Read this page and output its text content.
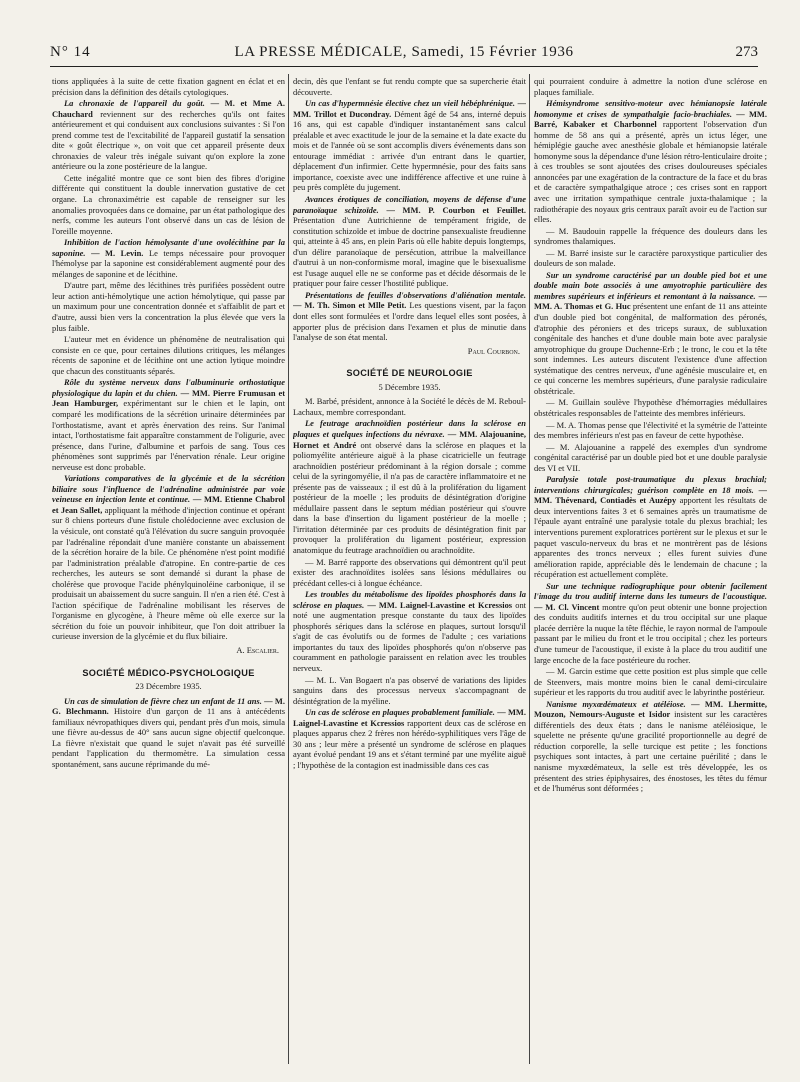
N° 14	LA PRESSE MÉDICALE, Samedi, 15 Février 1936	273

tions appliquées à la suite de cette fixation gagnent en éclat et en précision dans la définition des détails cytologiques.

La chronaxie de l'appareil du goût. — M. et Mme A. Chauchard reviennent sur des recherches qu'ils ont faites antérieurement et qui conduisent aux conclusions suivantes : Si l'on prend comme test de l'excitabilité de l'appareil gustatif la sensation dite « goût électrique », on voit que cet appareil présente deux chronaxies de valeur très inégale suivant qu'on explore la zone antérieure ou la zone postérieure de la langue.

Cette inégalité montre que ce sont bien des fibres d'origine différente qui constituent la double innervation gustative de cet organe. La chronaximétrie est capable de renseigner sur les anomalies provoquées dans ce domaine, par un état pathologique des nerfs, comme les auteurs l'ont observé dans un cas de lésion de l'oreille moyenne.

Inhibition de l'action hémolysante d'une ovolécithine par la saponine. — M. Levin. Le temps nécessaire pour provoquer l'hémolyse par la saponine est considérablement augmenté pour des mélanges de saponine et de lécithine.

D'autre part, même des lécithines très purifiées possèdent outre leur action anti-hémolytique une action hémolytique, qui passe par un maximum pour une concentration donnée et s'affaiblit de part et d'autre, aussi bien vers la concentration la plus élevée que vers la plus faible.

L'auteur met en évidence un phénomène de neutralisation qui consiste en ce que, pour certaines dilutions critiques, les mélanges récents de saponine et de lécithine ont une action lytique moindre que chacun des constituants séparés.

Rôle du système nerveux dans l'albuminurie orthostatique physiologique du lapin et du chien. — MM. Pierre Frumusan et Jean Hamburger, expérimentant sur le chien et le lapin, ont comparé les modifications de la sécrétion urinaire déterminées par l'orthostatisme, avant et après énervation des reins. Sur l'animal intact, l'orthostatisme fait apparaître constamment de l'oligurie, avec présence, dans l'urine, d'albumine et parfois de sang. Tous ces phénomènes sont supprimés par l'énervation rénale. Leur origine nerveuse est donc probable.

Variations comparatives de la glycémie et de la sécrétion biliaire sous l'influence de l'adrénaline administrée par voie veineuse en injection lente et continue. — MM. Etienne Chabrol et Jean Sallet, appliquant la méthode d'injection continue et opérant sur 8 chiens porteurs d'une fistule cholédocienne avec exclusion de la vésicule, ont constaté qu'à l'élévation du sucre sanguin provoquée par l'adrénaline répondait d'une manière constante un abaissement de la sécrétion horaire de la bile. Ce phénomène n'est point modifié par l'administration préalable d'atropine. En contre-partie de ces recherches, les auteurs se sont demandé si durant la phase de cholérèse que provoque l'acide phénylquinoléine carbonique, il se produisait un abaissement du sucre sanguin. Il n'en a rien été. C'est à l'action spécifique de l'adrénaline mobilisant les réserves de l'organisme en glycogène, à l'heure même où elle exerce sur la sécrétion du foie un pouvoir inhibiteur, que l'on doit attribuer la curieuse inversion de la glycémie et du flux biliaire.

A. Escalier.
SOCIÉTÉ MÉDICO-PSYCHOLOGIQUE
23 Décembre 1935.

Un cas de simulation de fièvre chez un enfant de 11 ans. — M. G. Blechmann. Histoire d'un garçon de 11 ans à antécédents familiaux névropathiques divers qui, pendant près d'un mois, simula une fièvre au-dessus de 40° sans aucun signe objectif quelconque. La fièvre n'existait que quand le sujet n'avait pas été surveillé pendant l'application du thermomètre. La simulation cessa spontanément, sans aucune réprimande du mé-

decin, dès que l'enfant se fut rendu compte que sa supercherie était découverte.

Un cas d'hypermnésie élective chez un vieil hébéphrénique. — MM. Trillot et Ducondray. Dément âgé de 54 ans, interné depuis 16 ans, qui est capable d'indiquer instantanément sans calcul préalable et avec exactitude le jour de la semaine et la date exacte du mois et de l'année où se sont accomplis divers événements dans son entourage immédiat : arrivée d'un entrant dans le quartier, déplacement d'un infirmier. Cette hypermnésie, pour des faits sans importance, coexiste avec une indifférence affective et une ruine à peu près complète du jugement.

Avances érotiques de conciliation, moyens de défense d'une paranoïaque schizoïde. — MM. P. Courbon et Feuillet. Présentation d'une Autrichienne de tempérament frigide, de constitution schizoïde et imbue de doctrine pansexualiste freudienne qui, atteinte à 45 ans, en plein Paris où elle habite depuis longtemps, d'un délire paranoïaque de persécution, attribue la malveillance d'autrui à un non-conformisme moral, imagine que le bisexualisme est l'usage auquel elle ne se conforme pas et décide désormais de le pratiquer pour faire cesser l'hostilité publique.

Présentations de feuilles d'observations d'aliénation mentale. — M. Th. Simon et Mlle Petit. Les questions visent, par la façon dont elles sont formulées et l'ordre dans lequel elles sont posées, à apporter plus de précision dans l'examen et plus de minutie dans l'analyse de son état mental.

Paul Courbon.
SOCIÉTÉ DE NEUROLOGIE
5 Décembre 1935.

M. Barbé, président, annonce à la Société le décès de M. Reboul-Lachaux, membre correspondant.

Le feutrage arachnoïdien postérieur dans la sclérose en plaques et quelques infections du névraxe. — MM. Alajouanine, Hornet et André ont observé dans la sclérose en plaques et la poliomyélite antérieure aiguë à la phase cicatricielle un feutrage arachnoïdien postérieur prédominant à la région dorsale ; comme celui de la syringomyélie, il n'a pas de caractère inflammatoire et ne présente pas de vaisseaux ; il est dû à la prolifération du ligament postérieur de la moelle ; les produits de désintégration d'origine médullaire passent dans le septum médian postérieur qui s'ouvre dans la base d'insertion du ligament postérieur de la moelle ; l'irritation déterminée par ces produits de désintégration finit par provoquer la prolifération du ligament postérieur, expression anatomique du feutrage arachnoïdien ou arachnoïdite.

— M. Barré rapporte des observations qui démontrent qu'il peut exister des arachnoïdites isolées sans lésions médullaires ou précédant celles-ci à longue échéance.

Les troubles du métabolisme des lipoïdes phosphorés dans la sclérose en plaques. — MM. Laignel-Lavastine et Kcressios ont noté une augmentation presque constante du taux des lipoïdes phosphorés sériques dans la sclérose en plaques, surtout lorsqu'il s'agit de cas évolutifs ou de formes de l'adulte ; ces variations importantes du taux des lipoïdes phosphorés qu'on n'observe pas couramment en pathologie paraissent en relation avec les troubles nerveux.

— M. L. Van Bogaert n'a pas observé de variations des lipides sanguins dans des processus nerveux s'accompagnant de désintégration de la myéline.

Un cas de sclérose en plaques probablement familiale. — MM. Laignel-Lavastine et Kcressios rapportent deux cas de sclérose en plaques apparus chez 2 frères non hérédo-syphilitiques vers l'âge de 30 ans ; leur mère a présenté un syndrome de sclérose en plaques ayant évolué pendant 19 ans et s'étant terminé par une myélite aiguë ; l'hypothèse de la contagion est inadmissible dans ces cas

qui pourraient conduire à admettre la notion d'une sclérose en plaques familiale.

Hémisyndrome sensitivo-moteur avec hémianopsie latérale homonyme et crises de sympathalgie facio-brachiales. — MM. Barré, Kabaker et Charbonnel rapportent l'observation d'un homme de 58 ans qui a présenté, après un ictus léger, une hémiplégie gauche avec anesthésie globale et hémianopsie latérale homonyme sous la dépendance d'une lésion rétro-lenticulaire droite ; à ces troubles se sont ajoutées des crises douloureuses spéciales annoncées par une exagération de la contracture de la face et du bras et de caractère sympathalgique atroce ; ces crises sont en rapport avec une irritation sympathique centrale juxta-thalamique ; la radiothérapie des noyaux gris centraux paraît avoir eu de l'action sur elles.

— M. Baudouin rappelle la fréquence des douleurs dans les syndromes thalamiques.

— M. Barré insiste sur le caractère paroxystique particulier des douleurs de son malade.

Sur un syndrome caractérisé par un double pied bot et une double main bote associés à une amyotrophie particulière des membres supérieurs et inférieurs et remontant à la naissance. — MM. A. Thomas et G. Huc présentent une enfant de 11 ans atteinte d'un double pied bot congénital, de malformation des péronés, d'atrophie des péroniers et des triceps suraux, de subluxation congénitale des hanches et d'une double main bote avec paralysie amyotrophique du groupe Duchenne-Erb ; le tronc, le cou et la tête sont indemnes. Les auteurs discutent l'existence d'une affection systématique des centres nerveux, d'une agénésie musculaire et, en ce qui concerne les membres supérieurs, d'une paralysie radiculaire obstétricale.

— M. Guillain soulève l'hypothèse d'hémorragies médullaires obstétricales responsables de l'atteinte des membres inférieurs.

— M. A. Thomas pense que l'électivité et la symétrie de l'atteinte des membres inférieurs n'est pas en faveur de cette hypothèse.

— M. Alajouanine a rappelé des exemples d'un syndrome congénital caractérisé par un double pied bot et une double paralysie des VI et VII.

Paralysie totale post-traumatique du plexus brachial; interventions chirurgicales; guérison complète en 18 mois. — MM. Thévenard, Contiadès et Auzépy apportent les résultats de deux interventions faites 3 et 6 semaines après un traumatisme de l'épaule ayant entraîné une paralysie totale du plexus brachial; les interventions purement exploratrices portèrent sur le plexus et sur le paquet vasculo-nerveux du bras et ne montrèrent pas de lésions apparentes des troncs nerveux ; elles furent suivies d'une amélioration rapide, appréciable dès le lendemain de chacune ; la récupération est actuellement complète.

Sur une technique radiographique pour obtenir facilement l'image du trou auditif interne dans les tumeurs de l'acoustique. — M. Cl. Vincent montre qu'on peut obtenir une bonne projection des conduits auditifs internes et du trou occipital sur une plaque placée derrière la nuque la tête fléchie, le rayon normal de l'ampoule passant par le milieu du front et le trou occipital ; chez les porteurs d'une tumeur de l'acoustique, il existe à la place du trou auditif une large encoche de la face postérieure du rocher.

— M. Garcin estime que cette position est plus simple que celle de Steenvers, mais montre moins bien le canal demi-circulaire supérieur et les rapports du trou auditif avec le labyrinthe postérieur.

Nanisme myxœdémateux et atéléiose. — MM. Lhermitte, Mouzon, Nemours-Auguste et Isidor insistent sur les caractères différentiels des deux états ; dans le nanisme atéléiosique, le squelette ne présente qu'une gracilité proportionnelle au degré de réduction corporelle, la selle turcique est petite ; les fonctions psychiques sont intactes, à part une certaine puérilité ; dans le nanisme myxœdémateux, la selle est très développée, les os présentent des stries épiphysaires, des énostoses, les têtes du fémur et de l'humérus sont déformées ;
